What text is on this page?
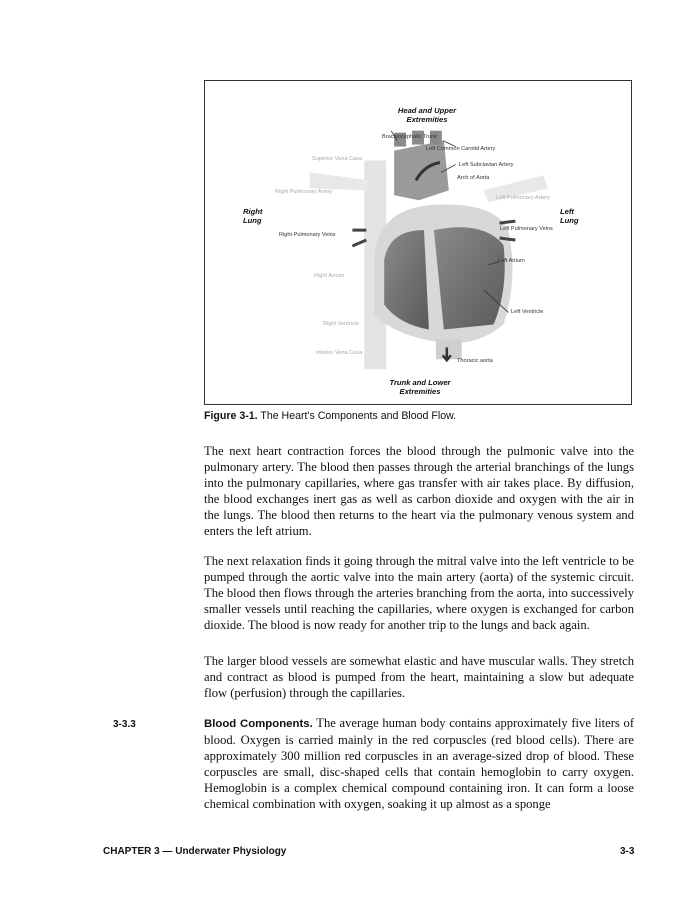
Head and Upper
Extremities
Trunk and Lower
Extremities
Right
Lung
Left
Lung
Brachiocephalic Trunk
Left Common Carotid Artery
Left Subclavian Artery
Arch of Aorta
Superior Vena Cava
Right Pulmonary Artery
Left Pulmonary Artery
Right Pulmonary Veins
Left Pulmonary Veins
Left Atrium
Right Atrium
Left Ventricle
Right Ventricle
Inferior Vena Cava
Thoracic aorta
Figure 3-1. The Heart's Components and Blood Flow.

The next heart contraction forces the blood through the pulmonic valve into the pulmonary artery. The blood then passes through the arterial branchings of the lungs into the pulmonary capillaries, where gas transfer with air takes place. By diffusion, the blood exchanges inert gas as well as carbon dioxide and oxygen with the air in the lungs. The blood then returns to the heart via the pulmonary venous system and enters the left atrium.

The next relaxation finds it going through the mitral valve into the left ventricle to be pumped through the aortic valve into the main artery (aorta) of the systemic circuit. The blood then flows through the arteries branching from the aorta, into successively smaller vessels until reaching the capillaries, where oxygen is exchanged for carbon dioxide. The blood is now ready for another trip to the lungs and back again.

The larger blood vessels are somewhat elastic and have muscular walls. They stretch and contract as blood is pumped from the heart, maintaining a slow but adequate flow (perfusion) through the capillaries.

3-3.3	Blood Components. The average human body contains approximately five liters of blood. Oxygen is carried mainly in the red corpuscles (red blood cells). There are approximately 300 million red corpuscles in an average-sized drop of blood. These corpuscles are small, disc-shaped cells that contain hemoglobin to carry oxygen. Hemoglobin is a complex chemical compound containing iron. It can form a loose chemical combination with oxygen, soaking it up almost as a sponge

CHAPTER 3 — Underwater Physiology	3-3
